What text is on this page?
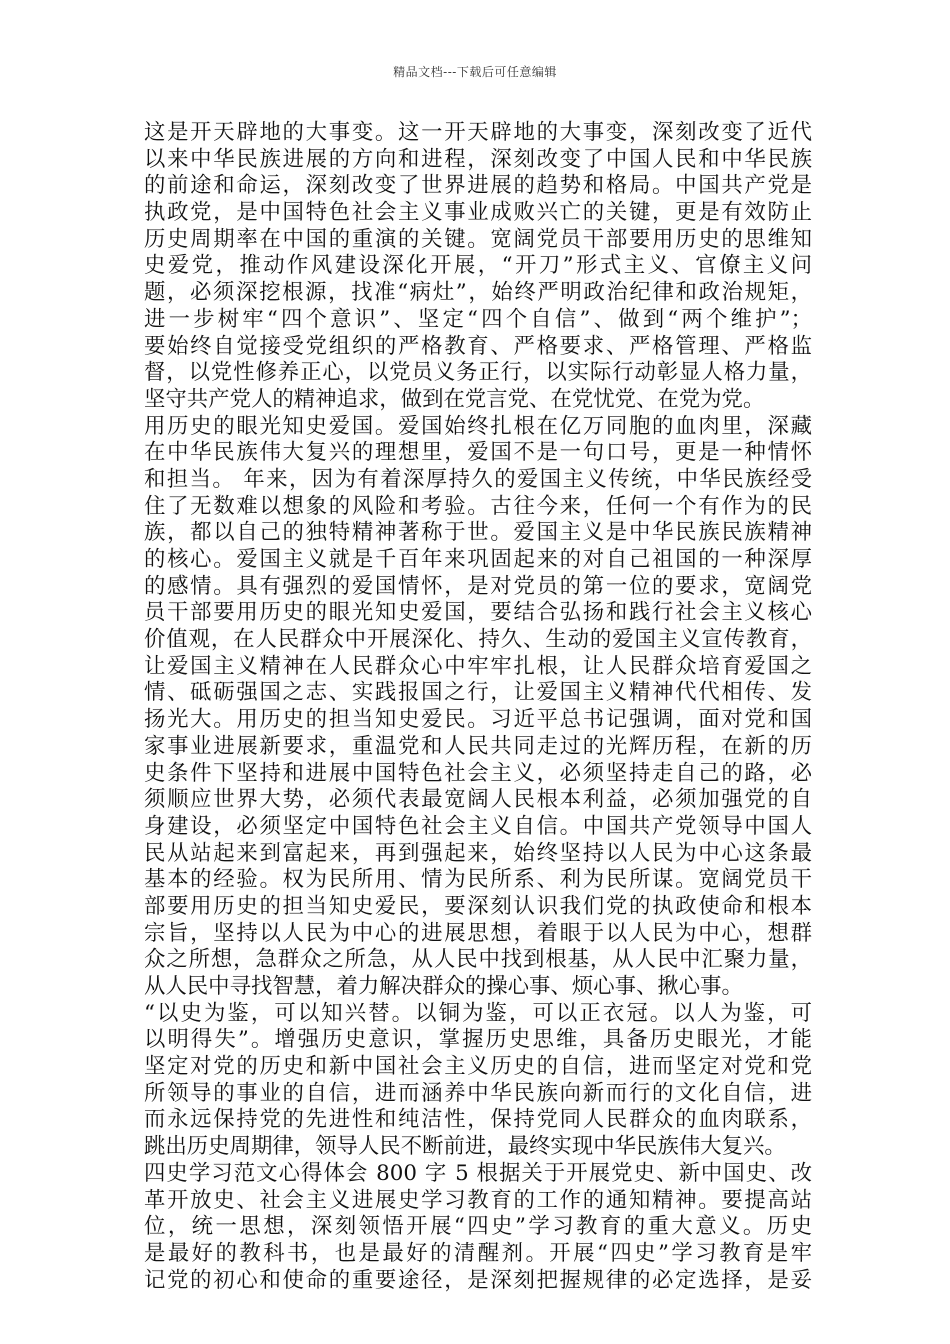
精品文档---下载后可任意编辑
这是开天辟地的大事变。这一开天辟地的大事变，深刻改变了近代
以来中华民族进展的方向和进程，深刻改变了中国人民和中华民族
的前途和命运，深刻改变了世界进展的趋势和格局。中国共产党是
执政党，是中国特色社会主义事业成败兴亡的关键，更是有效防止
历史周期率在中国的重演的关键。宽阔党员干部要用历史的思维知
史爱党，推动作风建设深化开展，“开刀”形式主义、官僚主义问
题，必须深挖根源，找准“病灶”，始终严明政治纪律和政治规矩，
进一步树牢“四个意识”、坚定“四个自信”、做到“两个维护”；
要始终自觉接受党组织的严格教育、严格要求、严格管理、严格监
督，以党性修养正心，以党员义务正行，以实际行动彰显人格力量，
坚守共产党人的精神追求，做到在党言党、在党忧党、在党为党。
用历史的眼光知史爱国。爱国始终扎根在亿万同胞的血肉里，深藏
在中华民族伟大复兴的理想里，爱国不是一句口号，更是一种情怀
和担当。 年来，因为有着深厚持久的爱国主义传统，中华民族经受
住了无数难以想象的风险和考验。古往今来，任何一个有作为的民
族，都以自己的独特精神著称于世。爱国主义是中华民族民族精神
的核心。爱国主义就是千百年来巩固起来的对自己祖国的一种深厚
的感情。具有强烈的爱国情怀，是对党员的第一位的要求，宽阔党
员干部要用历史的眼光知史爱国，要结合弘扬和践行社会主义核心
价值观，在人民群众中开展深化、持久、生动的爱国主义宣传教育，
让爱国主义精神在人民群众心中牢牢扎根，让人民群众培育爱国之
情、砥砺强国之志、实践报国之行，让爱国主义精神代代相传、发
扬光大。用历史的担当知史爱民。习近平总书记强调，面对党和国
家事业进展新要求，重温党和人民共同走过的光辉历程，在新的历
史条件下坚持和进展中国特色社会主义，必须坚持走自己的路，必
须顺应世界大势，必须代表最宽阔人民根本利益，必须加强党的自
身建设，必须坚定中国特色社会主义自信。中国共产党领导中国人
民从站起来到富起来，再到强起来，始终坚持以人民为中心这条最
基本的经验。权为民所用、情为民所系、利为民所谋。宽阔党员干
部要用历史的担当知史爱民，要深刻认识我们党的执政使命和根本
宗旨，坚持以人民为中心的进展思想，着眼于以人民为中心，想群
众之所想，急群众之所急，从人民中找到根基，从人民中汇聚力量，
从人民中寻找智慧，着力解决群众的操心事、烦心事、揪心事。
“以史为鉴，可以知兴替。以铜为鉴，可以正衣冠。以人为鉴，可
以明得失”。增强历史意识，掌握历史思维，具备历史眼光，才能
坚定对党的历史和新中国社会主义历史的自信，进而坚定对党和党
所领导的事业的自信，进而涵养中华民族向新而行的文化自信，进
而永远保持党的先进性和纯洁性，保持党同人民群众的血肉联系，
跳出历史周期律，领导人民不断前进，最终实现中华民族伟大复兴。
四史学习范文心得体会 800 字 5 根据关于开展党史、新中国史、改
革开放史、社会主义进展史学习教育的工作的通知精神。要提高站
位，统一思想，深刻领悟开展“四史”学习教育的重大意义。历史
是最好的教科书，也是最好的清醒剂。开展“四史”学习教育是牢
记党的初心和使命的重要途径，是深刻把握规律的必定选择，是妥
